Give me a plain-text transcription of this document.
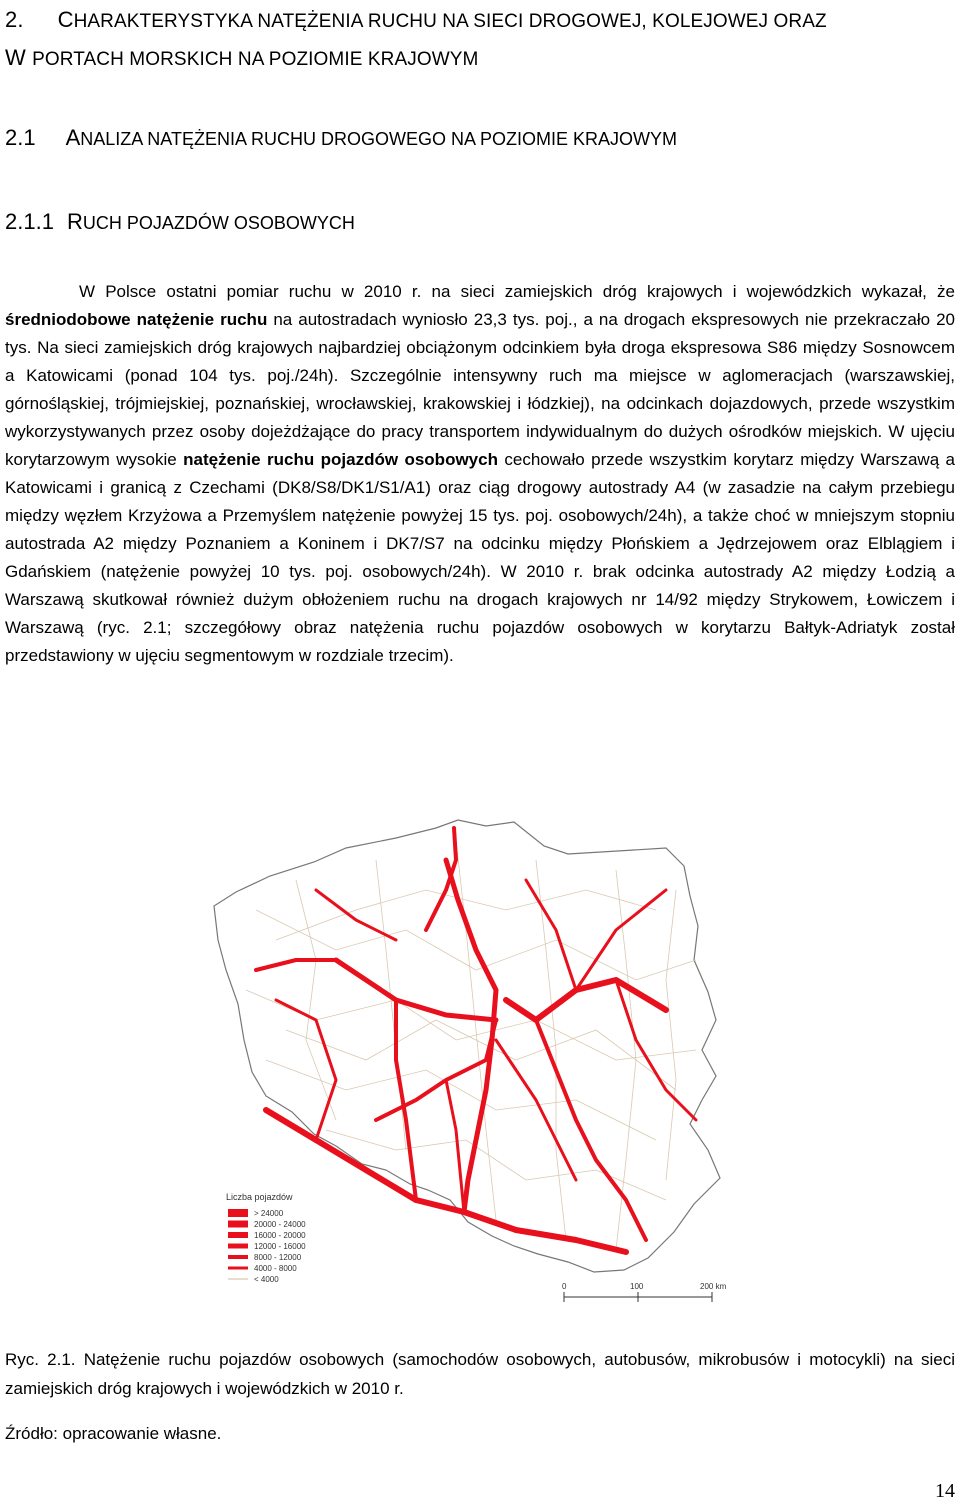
2. CHARAKTERYSTYKA NATĘŻENIA RUCHU NA SIECI DROGOWEJ, KOLEJOWEJ ORAZ
W PORTACH MORSKICH NA POZIOMIE KRAJOWYM
2.1 ANALIZA NATĘŻENIA RUCHU DROGOWEGO NA POZIOMIE KRAJOWYM
2.1.1 RUCH POJAZDÓW OSOBOWYCH
W Polsce ostatni pomiar ruchu w 2010 r. na sieci zamiejskich dróg krajowych i wojewódzkich wykazał, że średniodobowe natężenie ruchu na autostradach wyniosło 23,3 tys. poj., a na drogach ekspresowych nie przekraczało 20 tys. Na sieci zamiejskich dróg krajowych najbardziej obciążonym odcinkiem była droga ekspresowa S86 między Sosnowcem a Katowicami (ponad 104 tys. poj./24h). Szczególnie intensywny ruch ma miejsce w aglomeracjach (warszawskiej, górnośląskiej, trójmiejskiej, poznańskiej, wrocławskiej, krakowskiej i łódzkiej), na odcinkach dojazdowych, przede wszystkim wykorzystywanych przez osoby dojeżdżające do pracy transportem indywidualnym do dużych ośrodków miejskich. W ujęciu korytarzowym wysokie natężenie ruchu pojazdów osobowych cechowało przede wszystkim korytarz między Warszawą a Katowicami i granicą z Czechami (DK8/S8/DK1/S1/A1) oraz ciąg drogowy autostrady A4 (w zasadzie na całym przebiegu między węzłem Krzyżowa a Przemyślem natężenie powyżej 15 tys. poj. osobowych/24h), a także choć w mniejszym stopniu autostrada A2 między Poznaniem a Koninem i DK7/S7 na odcinku między Płońskiem a Jędrzejowem oraz Elblągiem i Gdańskiem (natężenie powyżej 10 tys. poj. osobowych/24h). W 2010 r. brak odcinka autostrady A2 między Łodzią a Warszawą skutkował również dużym obłożeniem ruchu na drogach krajowych nr 14/92 między Strykowem, Łowiczem i Warszawą (ryc. 2.1; szczegółowy obraz natężenia ruchu pojazdów osobowych w korytarzu Bałtyk-Adriatyk został przedstawiony w ujęciu segmentowym w rozdziale trzecim).
Liczba pojazdów
> 24000
20000 - 24000
16000 - 20000
12000 - 16000
8000 - 12000
4000 - 8000
< 4000
0	100	200 km
Ryc. 2.1. Natężenie ruchu pojazdów osobowych (samochodów osobowych, autobusów, mikrobusów i motocykli) na sieci zamiejskich dróg krajowych i wojewódzkich w 2010 r.
Źródło: opracowanie własne.
14
